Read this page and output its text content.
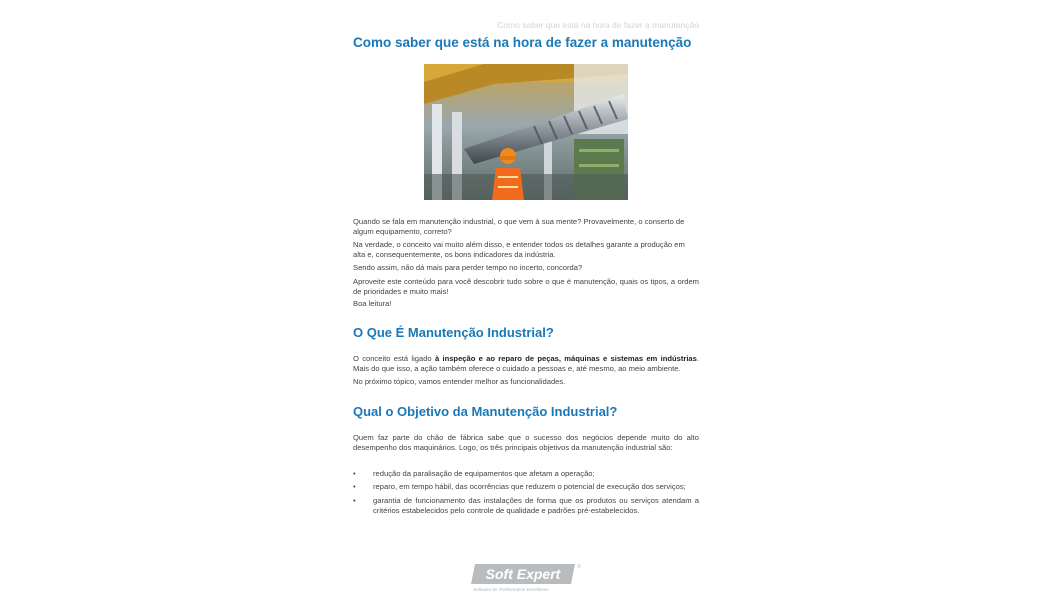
Como saber que está na hora de fazer a manutenção
Como saber que está na hora de fazer a manutenção
Quando se fala em manutenção industrial, o que vem à sua mente? Provavelmente, o conserto de algum equipamento, correto?
Na verdade, o conceito vai muito além disso, e entender todos os detalhes garante a produção em alta e, consequentemente, os bons indicadores da indústria.
Sendo assim, não dá mais para perder tempo no incerto, concorda?
Aproveite este conteúdo para você descobrir tudo sobre o que é manutenção, quais os tipos, a ordem de prioridades e muito mais!
Boa leitura!
O Que É Manutenção Industrial?
O conceito está ligado à inspeção e ao reparo de peças, máquinas e sistemas em indústrias. Mais do que isso, a ação também oferece o cuidado a pessoas e, até mesmo, ao meio ambiente.
No próximo tópico, vamos entender melhor as funcionalidades.
Qual o Objetivo da Manutenção Industrial?
Quem faz parte do chão de fábrica sabe que o sucesso dos negócios depende muito do alto desempenho dos maquinários. Logo, os três principais objetivos da manutenção industrial são:
• redução da paralisação de equipamentos que afetam a operação;
• reparo, em tempo hábil, das ocorrências que reduzem o potencial de execução dos serviços;
• garantia de funcionamento das instalações de forma que os produtos ou serviços atendam a critérios estabelecidos pelo controle de qualidade e padrões pré-estabelecidos.
Soft Expert	®
Software for Performance Excellence
